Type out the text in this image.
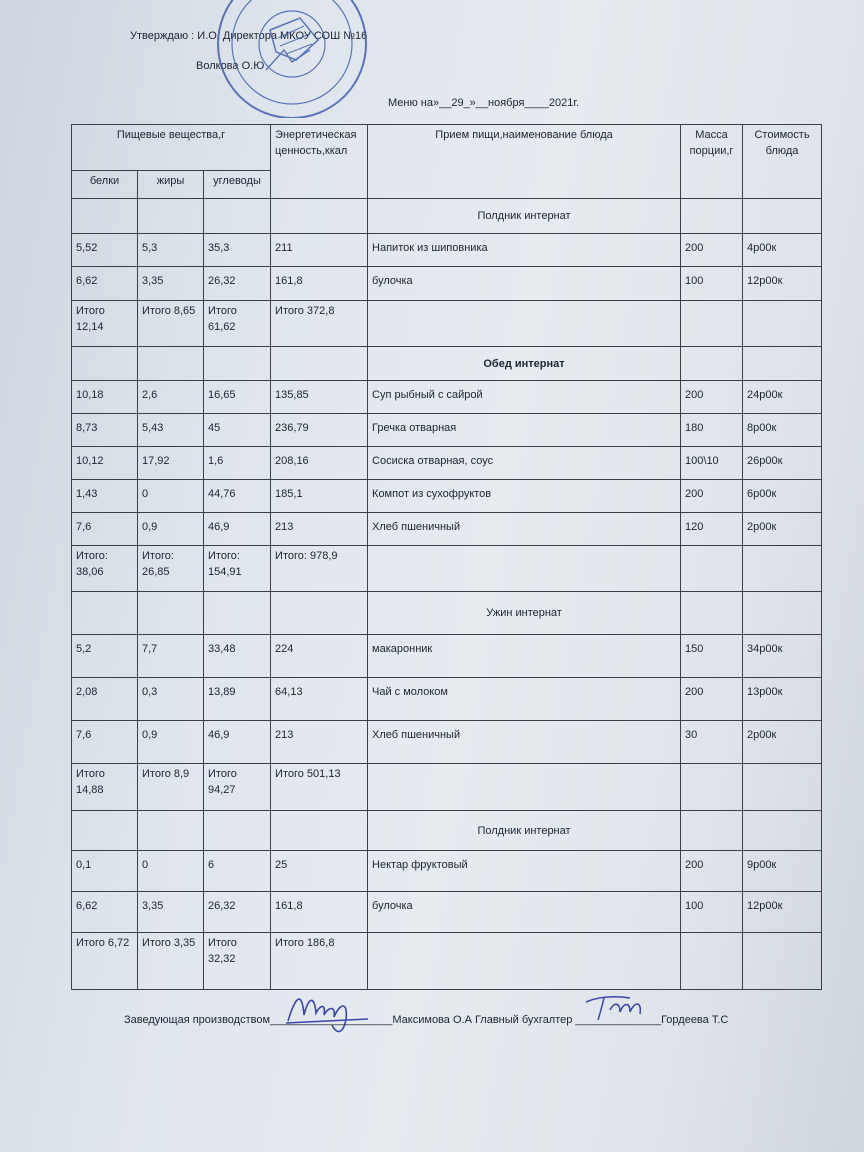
Утверждаю : И.О. Директора МКОУ СОШ №16
Волкова О.Ю
Меню на»__29_»__ноября____2021г.
Пищевые вещества,г			Энергетическая ценность,ккал	Прием пищи,наименование блюда	Масса порции,г	Стоимость блюда
белки	жиры	углеводы				
				Полдник интернат		
5,52	5,3	35,3	211	Напиток из шиповника	200	4р00к
6,62	3,35	26,32	161,8	булочка	100	12р00к
Итого 12,14	Итого 8,65	Итого 61,62	Итого 372,8			
				Обед интернат		
10,18	2,6	16,65	135,85	Суп рыбный с сайрой	200	24р00к
8,73	5,43	45	236,79	Гречка отварная	180	8р00к
10,12	17,92	1,6	208,16	Сосиска отварная, соус	100\10	26р00к
1,43	0	44,76	185,1	Компот из сухофруктов	200	6р00к
7,6	0,9	46,9	213	Хлеб пшеничный	120	2р00к
Итого: 38,06	Итого: 26,85	Итого: 154,91	Итого: 978,9			
				Ужин интернат		
5,2	7,7	33,48	224	макаронник	150	34р00к
2,08	0,3	13,89	64,13	Чай с молоком	200	13р00к
7,6	0,9	46,9	213	Хлеб пшеничный	30	2р00к
Итого 14,88	Итого 8,9	Итого 94,27	Итого 501,13			
				Полдник интернат		
0,1	0	6	25	Нектар фруктовый	200	9р00к
6,62	3,35	26,32	161,8	булочка	100	12р00к
Итого 6,72	Итого 3,35	Итого 32,32	Итого 186,8			
Заведующая производством____________________Максимова О.А Главный бухгалтер ______________Гордеева Т.С
